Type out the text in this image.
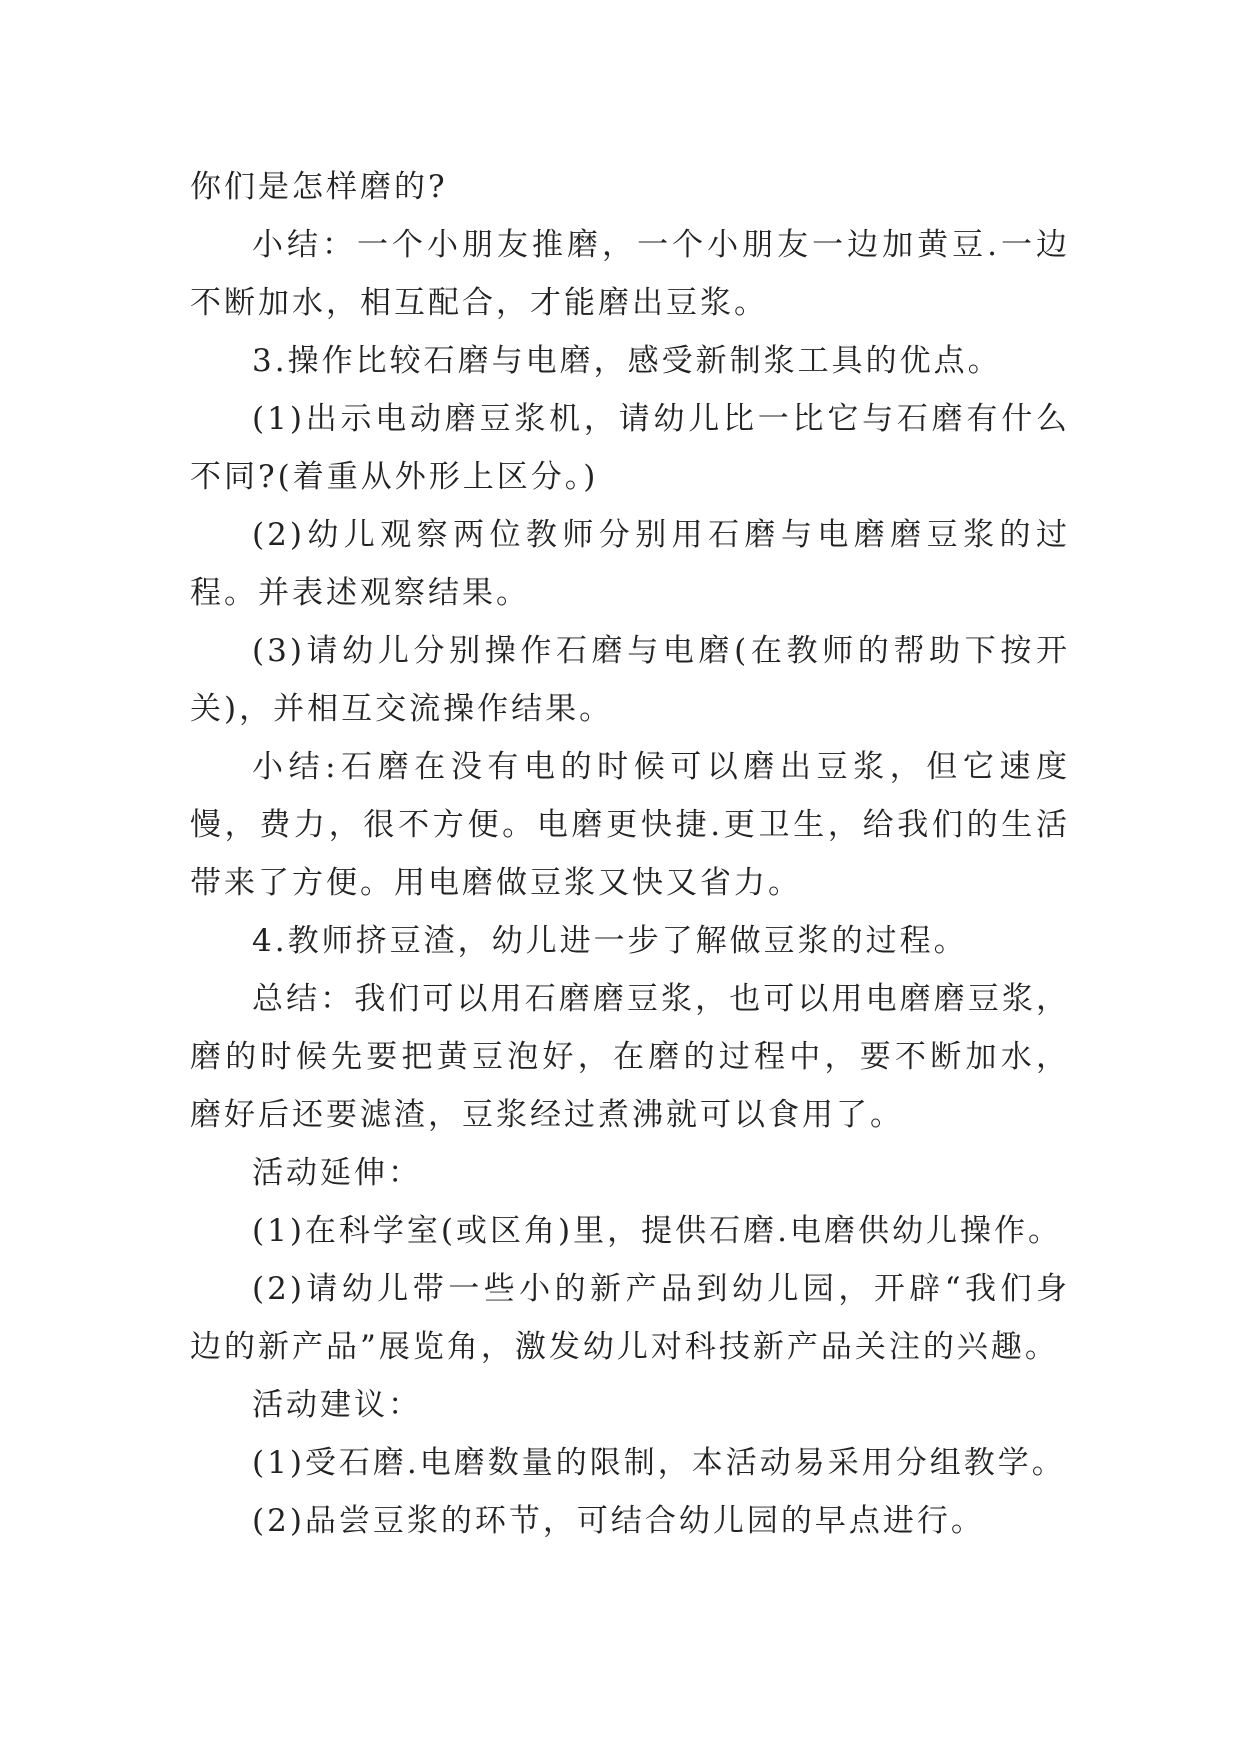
你们是怎样磨的?

小结：一个小朋友推磨，一个小朋友一边加黄豆.一边不断加水，相互配合，才能磨出豆浆。

3.操作比较石磨与电磨，感受新制浆工具的优点。

(1)出示电动磨豆浆机，请幼儿比一比它与石磨有什么不同?(着重从外形上区分。)

(2)幼儿观察两位教师分别用石磨与电磨磨豆浆的过程。并表述观察结果。

(3)请幼儿分别操作石磨与电磨(在教师的帮助下按开关)，并相互交流操作结果。

小结:石磨在没有电的时候可以磨出豆浆，但它速度慢，费力，很不方便。电磨更快捷.更卫生，给我们的生活带来了方便。用电磨做豆浆又快又省力。

4.教师挤豆渣，幼儿进一步了解做豆浆的过程。

总结：我们可以用石磨磨豆浆，也可以用电磨磨豆浆，磨的时候先要把黄豆泡好，在磨的过程中，要不断加水，磨好后还要滤渣，豆浆经过煮沸就可以食用了。

活动延伸：

(1)在科学室(或区角)里，提供石磨.电磨供幼儿操作。

(2)请幼儿带一些小的新产品到幼儿园，开辟“我们身边的新产品”展览角，激发幼儿对科技新产品关注的兴趣。

活动建议：

(1)受石磨.电磨数量的限制，本活动易采用分组教学。

(2)品尝豆浆的环节，可结合幼儿园的早点进行。
